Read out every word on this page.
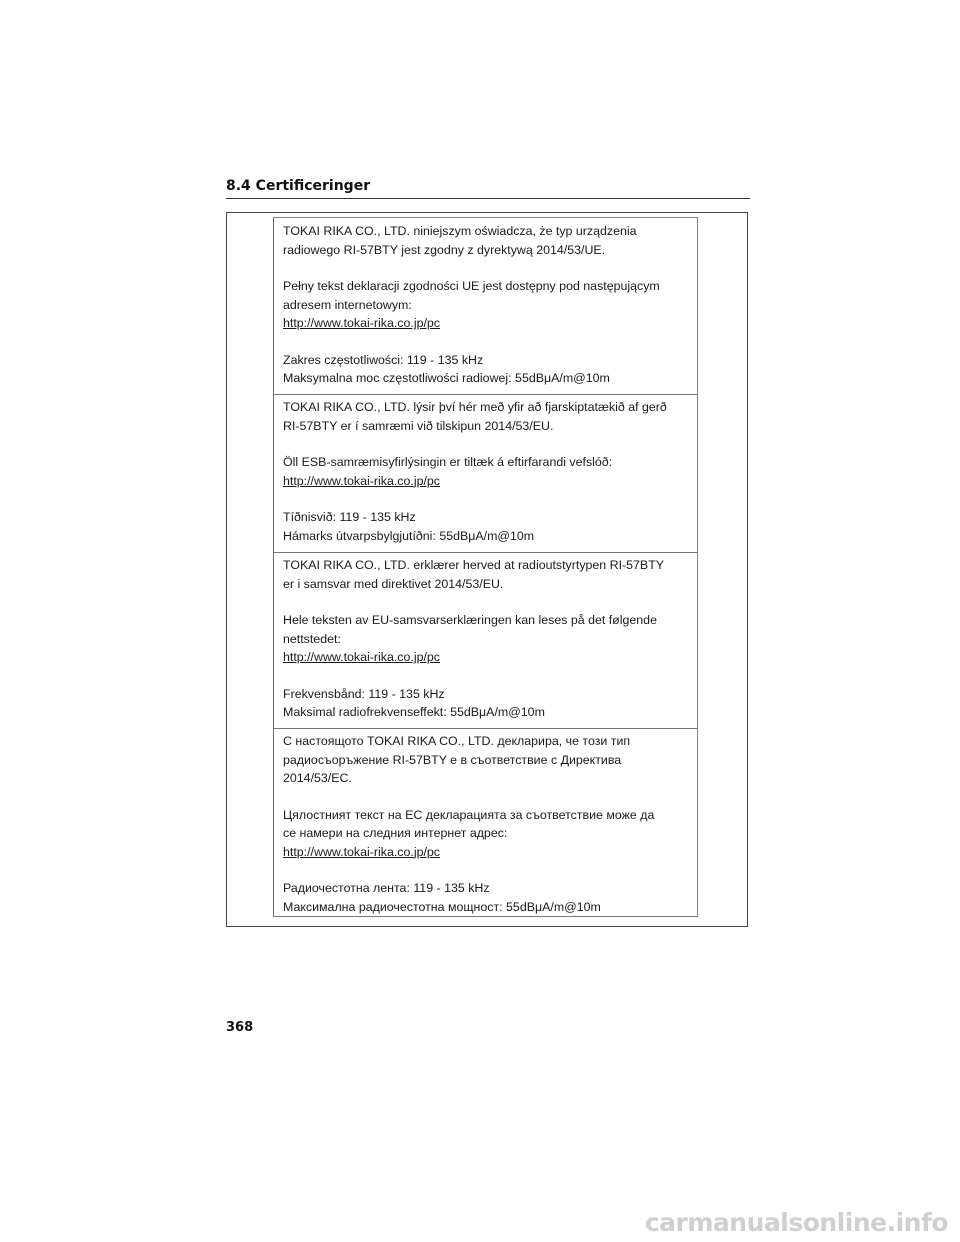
8.4 Certificeringer

TOKAI RIKA CO., LTD. niniejszym oświadcza, że typ urządzenia

radiowego RI-57BTY jest zgodny z dyrektywą 2014/53/UE.

Pełny tekst deklaracji zgodności UE jest dostępny pod następującym

adresem internetowym:

http://www.tokai-rika.co.jp/pc

Zakres częstotliwości: 119 - 135 kHz

Maksymalna moc częstotliwości radiowej: 55dBμA/m@10m

TOKAI RIKA CO., LTD. lýsir því hér með yfir að fjarskiptatækið af gerð

RI-57BTY er í samræmi við tilskipun 2014/53/EU.

Öll ESB-samræmisyfirlýsingin er tiltæk á eftirfarandi vefslóð:

http://www.tokai-rika.co.jp/pc

Tíðnisvið: 119 - 135 kHz

Hámarks útvarpsbylgjutíðni: 55dBμA/m@10m

TOKAI RIKA CO., LTD. erklærer herved at radioutstyrtypen RI-57BTY

er i samsvar med direktivet 2014/53/EU.

Hele teksten av EU-samsvarserklæringen kan leses på det følgende

nettstedet:

http://www.tokai-rika.co.jp/pc

Frekvensbånd: 119 - 135 kHz

Maksimal radiofrekvenseffekt: 55dBμA/m@10m

С настоящото TOKAI RIKA CO., LTD. декларира, че този тип

радиосъоръжение RI-57BTY е в съответствие с Директива

2014/53/ЕС.

Цялостният текст на ЕС декларацията за съответствие може да

се намери на следния интернет адрес:

http://www.tokai-rika.co.jp/pc

Радиочестотна лента: 119 - 135 kHz

Максимална радиочестотна мощност: 55dBμA/m@10m

368

carmanualsonline.info
